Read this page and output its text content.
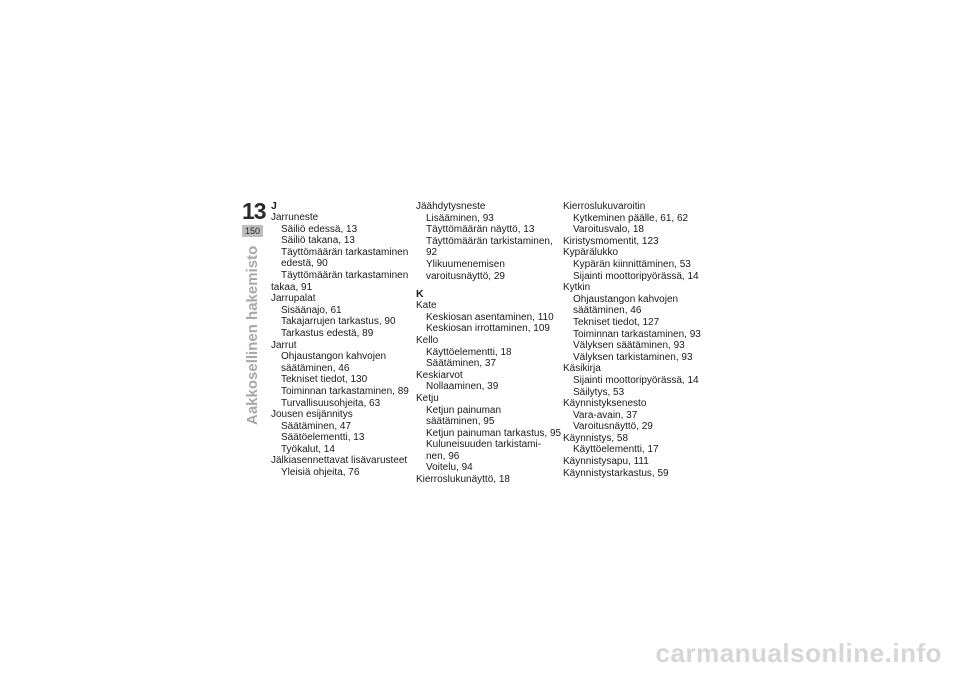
13
150
Aakkosellinen hakemisto
J
Jarruneste
Säiliö edessä, 13
Säiliö takana, 13
Täyttömäärän tarkastaminen
edestä, 90
Täyttömäärän tarkastaminen
takaa, 91
Jarrupalat
Sisäänajo, 61
Takajarrujen tarkastus, 90
Tarkastus edestä, 89
Jarrut
Ohjaustangon kahvojen
säätäminen, 46
Tekniset tiedot, 130
Toiminnan tarkastaminen, 89
Turvallisuusohjeita, 63
Jousen esijännitys
Säätäminen, 47
Säätöelementti, 13
Työkalut, 14
Jälkiasennettavat lisävarusteet
Yleisiä ohjeita, 76
Jäähdytysneste
Lisääminen, 93
Täyttömäärän näyttö, 13
Täyttömäärän tarkistaminen, 92
Ylikuumenemisen
varoitusnäyttö, 29
K
Kate
Keskiosan asentaminen, 110
Keskiosan irrottaminen, 109
Kello
Käyttöelementti, 18
Säätäminen, 37
Keskiarvot
Nollaaminen, 39
Ketju
Ketjun painuman
säätäminen, 95
Ketjun painuman tarkastus, 95
Kuluneisuuden tarkistami-
nen, 96
Voitelu, 94
Kierroslukunäyttö, 18
Kierroslukuvaroitin
Kytkeminen päälle, 61, 62
Varoitusvalo, 18
Kiristysmomentit, 123
Kypärälukko
Kypärän kiinnittäminen, 53
Sijainti moottoripyörässä, 14
Kytkin
Ohjaustangon kahvojen
säätäminen, 46
Tekniset tiedot, 127
Toiminnan tarkastaminen, 93
Välyksen säätäminen, 93
Välyksen tarkistaminen, 93
Käsikirja
Sijainti moottoripyörässä, 14
Säilytys, 53
Käynnistyksenesto
Vara-avain, 37
Varoitusnäyttö, 29
Käynnistys, 58
Käyttöelementti, 17
Käynnistysapu, 111
Käynnistystarkastus, 59
carmanualsonline.info
